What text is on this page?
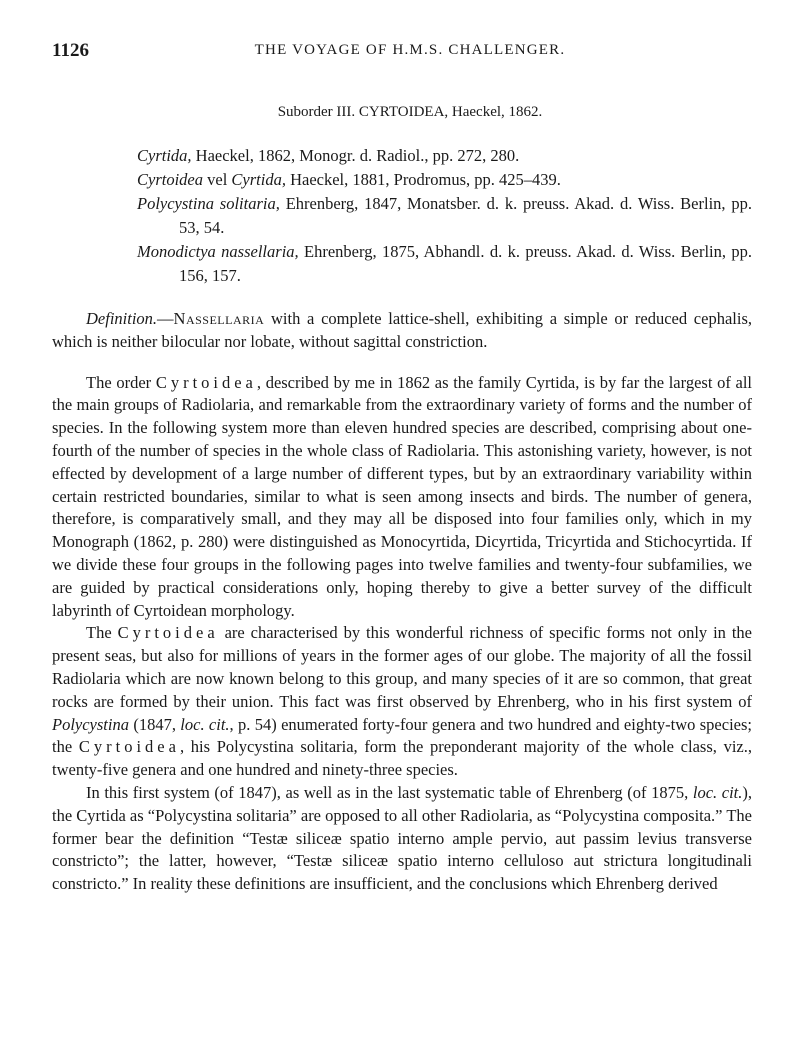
1126	THE VOYAGE OF H.M.S. CHALLENGER.
Suborder III. CYRTOIDEA, Haeckel, 1862.
Cyrtida, Haeckel, 1862, Monogr. d. Radiol., pp. 272, 280.
Cyrtoidea vel Cyrtida, Haeckel, 1881, Prodromus, pp. 425–439.
Polycystina solitaria, Ehrenberg, 1847, Monatsber. d. k. preuss. Akad. d. Wiss. Berlin, pp. 53, 54.
Monodictya nassellaria, Ehrenberg, 1875, Abhandl. d. k. preuss. Akad. d. Wiss. Berlin, pp. 156, 157.

Definition.—Nassellaria with a complete lattice-shell, exhibiting a simple or reduced cephalis, which is neither bilocular nor lobate, without sagittal constriction.

The order Cyrtoidea, described by me in 1862 as the family Cyrtida, is by far the largest of all the main groups of Radiolaria, and remarkable from the extraordinary variety of forms and the number of species. In the following system more than eleven hundred species are described, comprising about one-fourth of the number of species in the whole class of Radiolaria. This astonishing variety, however, is not effected by development of a large number of different types, but by an extraordinary variability within certain restricted boundaries, similar to what is seen among insects and birds. The number of genera, therefore, is comparatively small, and they may all be disposed into four families only, which in my Monograph (1862, p. 280) were distinguished as Monocyrtida, Dicyrtida, Tricyrtida and Stichocyrtida. If we divide these four groups in the following pages into twelve families and twenty-four subfamilies, we are guided by practical considerations only, hoping thereby to give a better survey of the difficult labyrinth of Cyrtoidean morphology.

The Cyrtoidea are characterised by this wonderful richness of specific forms not only in the present seas, but also for millions of years in the former ages of our globe. The majority of all the fossil Radiolaria which are now known belong to this group, and many species of it are so common, that great rocks are formed by their union. This fact was first observed by Ehrenberg, who in his first system of Polycystina (1847, loc. cit., p. 54) enumerated forty-four genera and two hundred and eighty-two species; the Cyrtoidea, his Polycystina solitaria, form the preponderant majority of the whole class, viz., twenty-five genera and one hundred and ninety-three species.

In this first system (of 1847), as well as in the last systematic table of Ehrenberg (of 1875, loc. cit.), the Cyrtida as “Polycystina solitaria” are opposed to all other Radiolaria, as “Polycystina composita.” The former bear the definition “Testæ siliceæ spatio interno ample pervio, aut passim levius transverse constricto”; the latter, however, “Testæ siliceæ spatio interno celluloso aut strictura longitudinali constricto.” In reality these definitions are insufficient, and the conclusions which Ehrenberg derived
